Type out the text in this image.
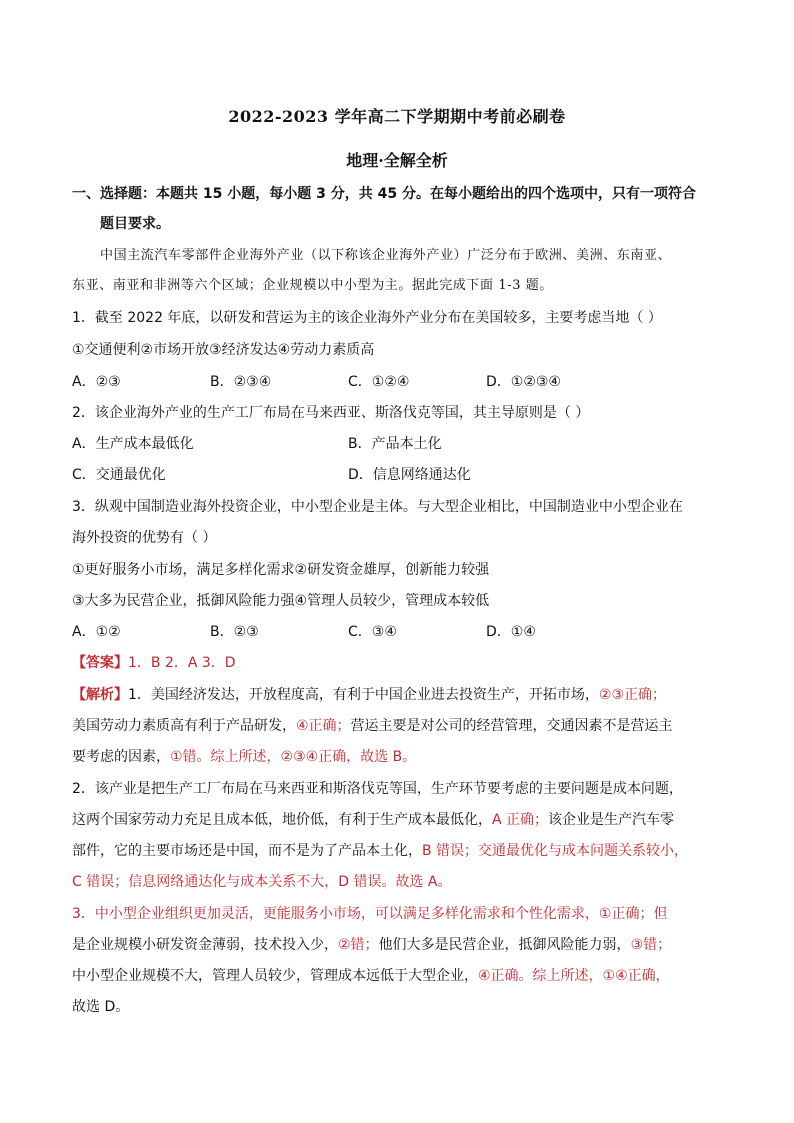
2022-2023 学年高二下学期期中考前必刷卷
地理·全解全析
一、选择题：本题共 15 小题，每小题 3 分，共 45 分。在每小题给出的四个选项中，只有一项符合
题目要求。
中国主流汽车零部件企业海外产业（以下称该企业海外产业）广泛分布于欧洲、美洲、东南亚、
东亚、南亚和非洲等六个区域；企业规模以中小型为主。据此完成下面 1-3 题。
1．截至 2022 年底，以研发和营运为主的该企业海外产业分布在美国较多，主要考虑当地（ ）
①交通便利②市场开放③经济发达④劳动力素质高
A．②③	B．②③④	C．①②④	D．①②③④
2．该企业海外产业的生产工厂布局在马来西亚、斯洛伐克等国，其主导原则是（ ）
A．生产成本最低化	B．产品本土化
C．交通最优化	D．信息网络通达化
3．纵观中国制造业海外投资企业，中小型企业是主体。与大型企业相比，中国制造业中小型企业在
海外投资的优势有（ ）
①更好服务小市场，满足多样化需求②研发资金雄厚，创新能力较强
③大多为民营企业，抵御风险能力强④管理人员较少，管理成本较低
A．①②	B．②③	C．③④	D．①④
【答案】1．B 2．A 3．D
【解析】1．美国经济发达，开放程度高，有利于中国企业进去投资生产，开拓市场，②③正确；
美国劳动力素质高有利于产品研发，④正确；营运主要是对公司的经营管理，交通因素不是营运主
要考虑的因素，①错。综上所述，②③④正确，故选 B。
2．该产业是把生产工厂布局在马来西亚和斯洛伐克等国，生产环节要考虑的主要问题是成本问题，
这两个国家劳动力充足且成本低，地价低，有利于生产成本最低化，A 正确；该企业是生产汽车零
部件，它的主要市场还是中国，而不是为了产品本土化，B 错误；交通最优化与成本问题关系较小，
C 错误；信息网络通达化与成本关系不大，D 错误。故选 A。
3．中小型企业组织更加灵活，更能服务小市场，可以满足多样化需求和个性化需求，①正确；但
是企业规模小研发资金薄弱，技术投入少，②错；他们大多是民营企业，抵御风险能力弱，③错；
中小型企业规模不大，管理人员较少，管理成本远低于大型企业，④正确。综上所述，①④正确，
故选 D。
